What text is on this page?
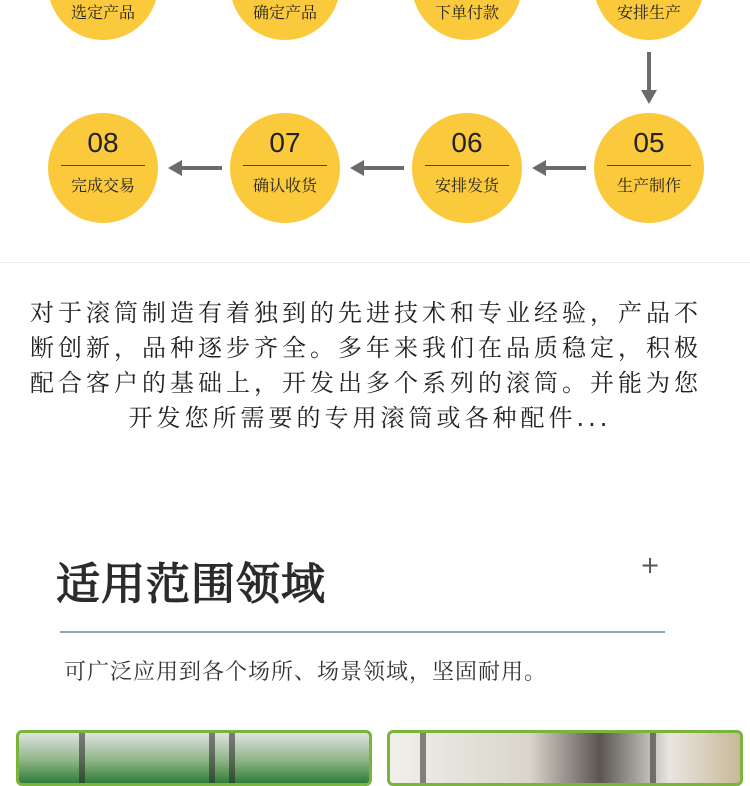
选定产品	确定产品	下单付款	安排生产
08
完成交易
07
确认收货
06
安排发货
05
生产制作
对于滚筒制造有着独到的先进技术和专业经验，产品不
断创新，品种逐步齐全。多年来我们在品质稳定，积极
配合客户的基础上，开发出多个系列的滚筒。并能为您
开发您所需要的专用滚筒或各种配件...
适用范围领域	+
可广泛应用到各个场所、场景领域，坚固耐用。
